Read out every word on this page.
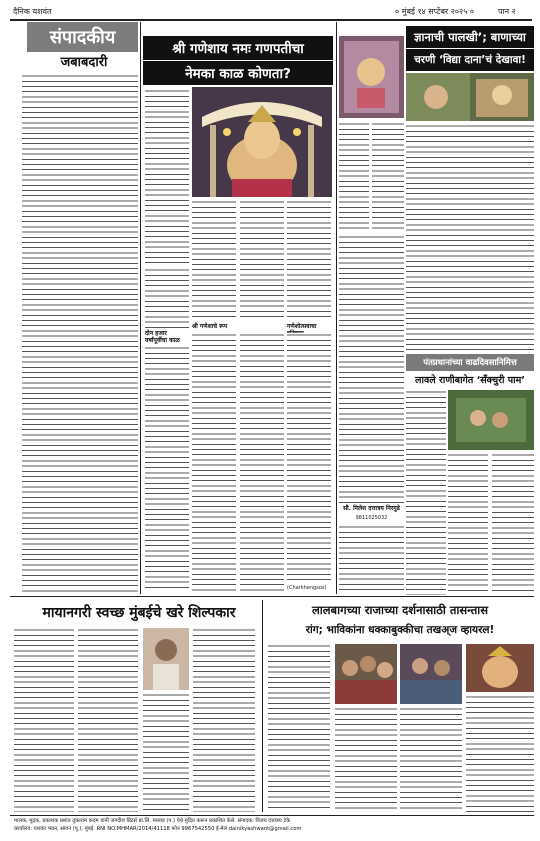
दैनिक यशवंत	० मुंबई १४ सप्टेंबर २०२५ ०	पान २
संपादकीय
जबाबदारी
श्री गणेशाय नमः गणपतीचा
नेमका काळ कोणता?
दोन हजार वर्षांपूर्वीचा काळ
श्री गणेशाचे रूप	गणेशोत्सवाचा
(Charkhengsos)
सौ. निलेश दत्तात्रय निरगुडे
9811025032
ज्ञानाची पालखी’; बाणाच्या
चरणी ‘विद्या दाना’चं देखावा!
पंतप्रधानांच्या वाढदिवसानिमित्त
लावले राणीबागेत ‘सँक्चुरी पाम’
मायानगरी स्वच्छ मुंबईचे खरे शिल्पकार	लालबागच्या राजाच्या दर्शनासाठी तासन्तास
रांग; भाविकांना धक्काबुक्कीचा तखअ्ज व्हायरल!
मालक, मुद्रक, प्रकाशक प्रशांत तुकाराम कदम यांनी जगदीश प्रिंटर्स प्रा.लि. मालाड (प.) येथे मुद्रित करून प्रकाशित केले. संपादक: विजय दत्तात्रय टेके
कार्यालय: यशवंत भवन, सायन (पू.), मुंबई. RNI NO.MHMAR/2014/41118 फोन 9967542550 ई-मेल dainikyashwant@gmail.com
